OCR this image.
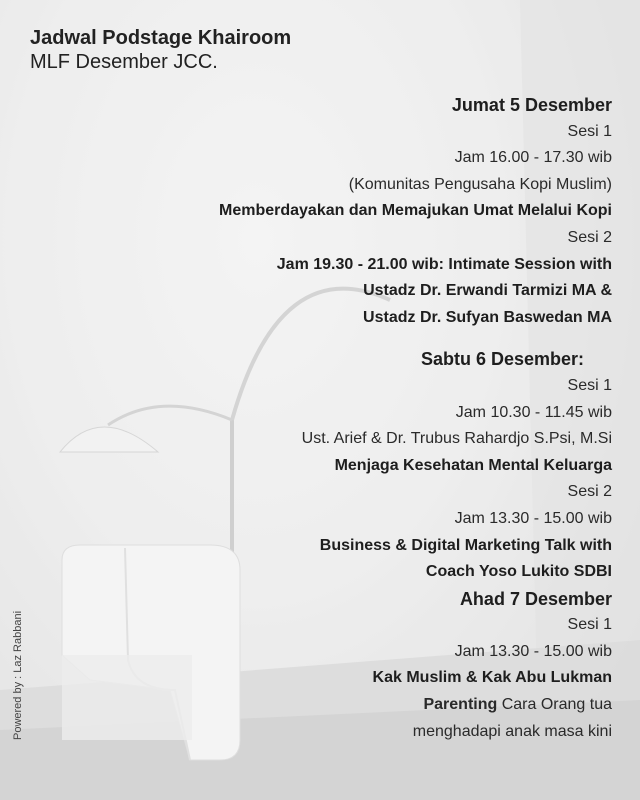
Jadwal Podstage Khairoom
MLF Desember JCC.
Jumat 5 Desember
Sesi 1
Jam 16.00 - 17.30 wib
(Komunitas Pengusaha Kopi Muslim)
Memberdayakan dan Memajukan Umat Melalui Kopi
Sesi 2
Jam 19.30 - 21.00 wib: Intimate Session with
Ustadz Dr. Erwandi Tarmizi MA &
Ustadz Dr. Sufyan Baswedan MA
Sabtu 6 Desember:
Sesi 1
Jam 10.30 - 11.45 wib
Ust. Arief & Dr. Trubus Rahardjo S.Psi, M.Si
Menjaga Kesehatan Mental Keluarga
Sesi 2
Jam 13.30 - 15.00 wib
Business & Digital Marketing Talk with
Coach Yoso Lukito SDBI
Ahad 7 Desember
Sesi 1
Jam 13.30 - 15.00 wib
Kak Muslim & Kak Abu Lukman
Parenting Cara Orang tua
menghadapi anak masa kini
Powered by : Laz Rabbani
